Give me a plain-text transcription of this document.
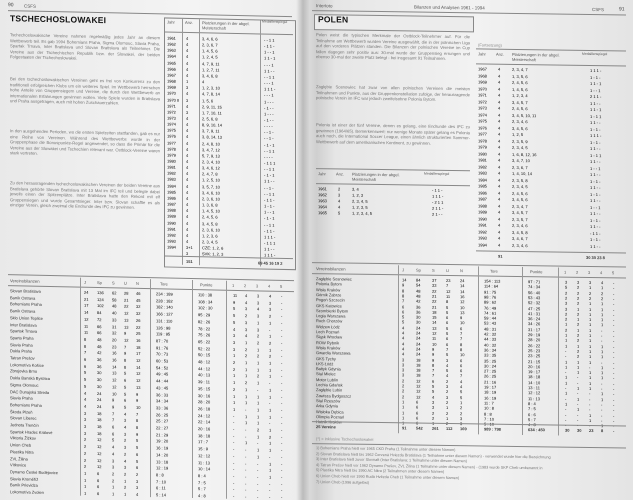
90 CSFS
TSCHECHOSLOWAKEI
Tschechoslowakische Vereine nahmen regelmäßig jedes Jahr an diesem Wettbewerb teil. Es gab 1994 Bohemians Praha, Sigma Olomouc, Slavia Praha, Spartak Trnava, Inter Bratislava und Slovan Bratislava als Teilnehmer. Die Vereine aus der Tschechischen Republik bzw. der Slowakei, der beiden Folgestaaten der Tschechoslowakei.
Bei den tschechoslowakischen Vereinen geht es frei von Konkurrenz zu den traditionell erfolgreichen Klubs um ein weiteres Spiel. Im Wettbewerb herrschen hohe Anteile von Gruppensiegern und Vereine, die durch den Wettbewerb an internationalen Erfahrungen gewinnen wollen. Viele Spiele wurden in Bratislava und Praha ausgetragen, auch mit hohen Zuschauerzahlen.
In den ausgehenden Perioden, wo die ersten Spielzeiten stattfanden, gab es nur eine Reihe von Vereinen. Während des Wettbewerbs wurde in der Gruppenphase die Bonuspunkte-Regel angewendet, so dass die Primär für die Vereine aus der Slowakei und Tschechien relevant war. Ostblock-Vereine waren stark vertreten.
Zu den herausragenden tschechoslowakischen Vereinen der beiden Vereine aus Bratislava gehörte Slovan Bratislava mit 13 Mal im IFC teil und belegte dabei jeweils einen der Spitzenplätze. Inter Bratislava hatte den Rekord mit elf Gruppensiegen und wurde Gesamtsieger. Inter bzw. Slovan schaffte es als einziger Verein, gleich zweimal die Endrunde des IFC zu gewinnen.
Jahr	Anz. Platzierungen in der abgel. Meisterschaft
Medaillenspiegel
1961	4	3, 4, 6, 6	- - 1 1
1962	4	2, 3, 6, 7	- 1 1 -
1963	4	1, 4, 5, 6	1 - - 1
1964	4	1, 2, 4, 5	1 1 - 1
1965	4	4, 7, 9, 11	- - - 1
1966	4	1, 2, 7, 11	1 1 - -
1967	4	3, 4, 6, 8	- - 1 1
1968	1	4	- - - 1
1969	3	1, 2, 3, 10	1 1 1 -
1970	4	4, 7, 8, 14	- - - 1
1970 II 3	1, 5, 6	1 - - -
1971	4	2, 9, 11, 15	- 1 - -
1972	3	1, 7, 10, 11	1 - - -
1973	4	2, 5, 6, 8	- 1 - -
1974	4	8, 9, 10, 14	- - - -
1975	4	3, 7, 9, 11	- - 1 -
1976	4	3, 8, 14, 13	- - 1 -
1977	4	2, 4, 8, 10	- 1 - 1
1978	4	3, 4, 7, 12	- - 1 1
1979	4	5, 7, 9, 13	- - - -
1980	4	2, 3, 4, 10	- 1 1 1
1981	4	3, 4, 6, 12	- - 1 1
1982	4	2, 4, 7, 8	- 1 - 1
1983	4	1, 2, 5, 10	1 1 - -
1984	4	3, 5, 7, 10	- - 1 -
1985	4	3, 4, 6, 10	- - 1 1
1986	4	2, 3, 6, 10	- 1 1 -
1987	4	1, 3, 6, 8	1 - 1 -
1988	4	1, 4, 5, 10	1 - - 1
1989	4	2, 4, 5, 6	- 1 - 1
1990	4	3, 4, 5, 8	- - 1 1
1991	4	2, 3, 6, 10	- 1 1 -
1992	4	1, 2, 3, 6	1 1 1 -
1993	4	2, 3, 4, 5	- 1 1 1
1994	3+1 CZE: 1, 2, 6	1 1 - -
3	SVK: 1, 2, 3	1 1 1 -
151	69 45 16 19 2
Vereinsbilanzen	J	Sp	S U N	Tore	Punkte	1 2 3 4 5
Slovan Bratislava	24 136 62 28 46	234 : 189	110 : 38	11 4 3 4 -
Baník Ostrava	21 124 58 21 45	228 : 182	108 : 34	9 4 3 3 -
Bohemians Praha	17 102 48 22 32	182 : 140	102 : 30	5 3 4 3 -
Baník Ostrava	14 84	40 12 32	166 : 127	95 : 29	5 2 3 2 -
Sklo Union Teplice	12 72	33 13 26	131 : 110	82 : 26	5 3 1 1 -
Inter Bratislava	11 66	31 13 22	126 : 98	78 : 22	4 3 3 -	-
Spartak Trnava	11 66	32 9 25	119 : 95	75 : 26	3 4 2 1 -
Sparta Praha	8	48	20 12 16	87 : 70	65 : 22	3 1 2 2 -
Slavia Praha	8	48	23 7 18	91 : 76	52 : 22	3 2 1 1 -
Dukla Praha	7	42	16 9 17	70 : 73	50 : 15	1 2 2 2 -
Tatran Prešov	6	36	16 8 12	60 : 53	48 : 12	2 1 1 1 -
Lokomotíva Košice	6	36	14 8 14	54 : 52	44 : 12	2 1 1 1 -
Zbrojovka Brno	5	30	13 5 12	49 : 45	40 : 13	1 1 2 1 -
Dukla Banská Bystrica	5	30	12 6 12	44 : 44	39 : 11	1 2 1 -	-
Sigma Olomouc	5	30	12 5 13	43 : 45	35 : 15	2 1 -	1 -
DAC Dunajská Streda	4	24	10 5 9	36 : 33	30 : 16	1 1 1 1 -
Slavia Praha	4	24	9 6 9	34 : 34	28 : 20	1 1 1 -	-
Bohemians Praha	4	24	9 5 10	33 : 36	26 : 18	1 -	1 1 -
Škoda Plzeň	3	18	7 4 7	26 : 25	24 : 12	-	1 1 1 -
Slovan Liberec	3	18	7 3 8	25 : 27	22 : 14	-	1 1 -	-
Jednota Trenčín	3	18	6 4 8	22 : 27	20 : 16	-	-	2 1 -
Spartak Hradec Králové	3	18	6 3 9	21 : 29	18 : 18	-	-	1 2 -
Viktoria Žižkov	2	12	5 2 5	19 : 20	17 : 7	-	1 -	1 -
Union Cheb	2	12	4 3 5	16 : 19	15 : 9	-	-	1 1 -
Plastika Nitra	2	12	4 2 6	14 : 20	12 : 12	-	-	1 -	-
ZVL Žilina	2	12	3 4 5	13 : 18	11 : 13	-	-	-	1 -
Vítkovice	2	12	3 3 6	12 : 19	10 : 14	-	-	-	1 -
Dynamo České Budějovice	1	6	2 2 2	8 : 8	8 : 4	-	-	-	1 -
Slavia Kroměříž	1	6	2 1 3	7 : 10	7 : 5	-	-	-	-	-
Baník Prievidza	1	6	1 2 3	6 : 11	5 : 7	-	-	-	-	-
Lokomotíva Zvolen	1	6	1 1 4	5 : 14	4 : 8	-	-	-	-	-
Intertoto	Bilanzen und Analysen 1961 - 1994	CSFS	91
POLEN
Polen weist die typischen Merkmale der Ostblock-Teilnehmer auf. Für die Teilnahme am Wettbewerb wurden Vereine ausgewählt, die in der polnischen Liga auf den vorderen Plätzen standen. Die Bilanzen der polnischen Vereine im Cup fallen dagegen sehr positiv aus: 30-mal wurde der Gruppensieg errungen und ebenso 30-mal der zweite Platz belegt - bei insgesamt 91 Teilnahmen.
Zagłębie Sosnowiec hat zwar von allen polnischen Vereinen die meisten Teilnahmen und Punkte, aus der Gruppenkonstellation zufolge, der herausragende polnische Verein im IFC war jedoch zweifelsohne Polonia Bytom.
Polonia ist einer der fünf Vereine, denen es gelang, eine Endrunde des IFC zu gewinnen (1964/65). Bemerkenswert: nur wenige Monate später gelang es Polonia auch noch, die International Soccer League, einen ähnlich strukturierten Sommer-Wettbewerb auf dem amerikanischen Kontinent, zu gewinnen.
Jahr	Anz. Platzierungen in der abgel. Meisterschaft
Medaillenspiegel
1961	2	3, 4	- 1 1 -
1962	3	1, 2, 3	1 1 1 -
1963	4	2, 3, 4, 5	- 2 1 1
1964	4	1, 2, 3, 5	2 1 1 -
1965	5	1, 2, 3, 4, 5	2 1 - -
(Fortsetzung)
Jahr	Anz. Platzierungen in der abgel. Meisterschaft
Medaillenspiegel
1967	4	2, 3, 4, 7	1 1 1 -
1968	4	1, 3, 5, 6	1 - 1 -
1969	4	2, 4, 5, 6	1 1 - 1
1970	4	1, 4, 5, 6	1 - - 1
1971	4	1, 2, 3, 4	2 1 1 -
1972	4	3, 4, 5, 7	1 1 - -
1973	4	2, 4, 5, 6	1 1 - 1
1974	4	3, 4, 5, 10, 11	1 - 1 1
1975	4	2, 3, 4, 6	1 1 - -
1976	4	3, 4, 5, 6	1 - 1 -
1977	4	1, 2, 5	1 1 1 -
1978	4	2, 3, 5, 9	1 - 1 -
1979	4	2, 3, 4, 5	1 1 - -
1980	4	1, 6, 8, 12, 16	1 - 1 1
1981	4	3, 4, 7, 10	1 1 - -
1982	4	2, 3, 6, 7	1 - - 1
1983	4	1, 4, 10, 14	1 1 - -
1984	4	2, 3, 5, 8	1 - 1 -
1985	4	2, 3, 4, 5	1 1 - -
1986	4	2, 4, 5, 6	1 - 1 -
1987	4	3, 4, 5, 6	1 1 - -
1988	4	2, 3, 4, 7	1 - - 1
1989	4	3, 4, 5, 7	1 1 - -
1990	4	2, 3, 5, 7	1 - 1 -
1991	4	2, 3, 4, 6	1 1 - -
1992	4	3, 4, 5, 8	- 1 1 -
1993	4	3, 4, 6, 7	1 - 1 -
1994	4	2, 3, 4, 6	1 1 - -
91	30 30 23 8
Vereinsbilanzen	J	Sp	S	U	N	Tore	Punkte	1 2 3 4 5
Zagłębie Sosnowiec	14 84	37 23 24	154 : 113	97 : 71	3 3 3 4 -
Polonia Bytom	9	54	33 7	14	114 : 64	74 : 34	5 2 1 1 -
Wisła Kraków	8	48	22 12 14	91 : 75	56 : 40	2 2 2 2 -
Górnik Zabrze	8	48	21 11 16	98 : 76	53 : 43	2 2 2 2 -
Pogoń Szczecin	7	42	22 8	12	89 : 62	52 : 32	3 2 1 1 -
GKS Katowice	6	36	21 5	10	76 : 49	47 : 25	3 1 1 1 -
Szombierki Bytom	6	36	18 5	13	74 : 61	41 : 31	2 2 1 1 -
Legia Warszawa	5	30	15 6	9	59 : 44	36 : 24	2 1 1 1 -
Ruch Chorzów	5	30	14 6	10	53 : 43	34 : 26	1 2 1 1 -
Widzew Łódź	4	24	13 5	6	48 : 31	31 : 17	2 1 1 -	-
Lech Poznań	4	24	12 5	7	42 : 32	29 : 19	1 2 1 -	-
Śląsk Wrocław	4	24	11 6	7	44 : 33	28 : 20	1 2 1 -	-
ROW Rybnik	4	24	10 6	8	40 : 32	26 : 22	1 1 1 1 -
Wisła Kraków	4	24	9	7	8	36 : 34	25 : 23	-	2 1 1 -
Gwardia Warszawa	4	24	9	5	10	33 : 35	23 : 25	-	2 1 1 -
GKS Tychy	3	18	9	3	6	35 : 25	21 : 15	1 1 1 -	-
ŁKS Łódź	3	18	8	4	6	30 : 24	20 : 16	1 1 -	1 -
Bałtyk Gdynia	3	18	7	5	6	27 : 25	19 : 17	-	1 1 1 -
Stal Mielec	3	18	7	4	7	26 : 25	18 : 18	1 -	1 1 -
Motor Lublin	2	12	6	2	4	21 : 16	14 : 10	1 -	1 -	-
Lechia Gdańsk	2	12	5	3	4	19 : 17	13 : 11	-	1 1 -	-
Zagłębie Lubin	2	12	5	2	5	18 : 19	12 : 12	1 -	-	1 -
Zawisza Bydgoszcz	2	12	4	3	5	16 : 19	11 : 13	-	1 -	1 -
Stal Rzeszów	1	6	3	2	1	11 : 7	8 : 4	1 -	-	-	-
Arka Gdynia	1	6	3	1	2	10 : 8	7 : 5	-	1 -	-	-
Wisłoka Dębica	1	6	2	2	2	8 : 8	6 : 6	-	-	1 -	-
Olimpia Poznań	1	6	2	1	3	7 : 10	5 : 7	-	-	1 -	-
Hutnik Kraków	1	6	1	2	3	5 : 10	4 : 8	-	-	-	1 -
25 Vereine	91 542 261 112 169	989 : 798	634 : 450	30 30 23 8 -
(*) = inklusive Tschechoslowakei
1) Bohemians Praha hieß vor 1965 CKD Praha (1 Teilnahme unter diesem Namen)
2) Slovan Bratislava hieß bis 1962 Červená Hviezda Bratislava (1 Teilnahme unter diesem Namen) - verwendet wurde hier die Bezeichnung
3) Inter Bratislava hieß zuvor Slovnaft (Inter Bratislava; 1 Teilnahme unter diesem Namen)
4) Tatran Prešov hieß vor 1962 Dynamo Prešov, ZVL Žilina (1 Teilnahme unter diesem Namen) - (1983 wurde SKP Cheb umbenannt in
5) Plastika Nitra hieß bis 1990 AC Nitra (2 Teilnahmen unter diesem Namen)
6) Union Cheb hieß vor 1990 Rudá Hvězda Cheb (1 Teilnahme unter diesem Namen)
7) Union Cheb (1996 aufgelöst)
